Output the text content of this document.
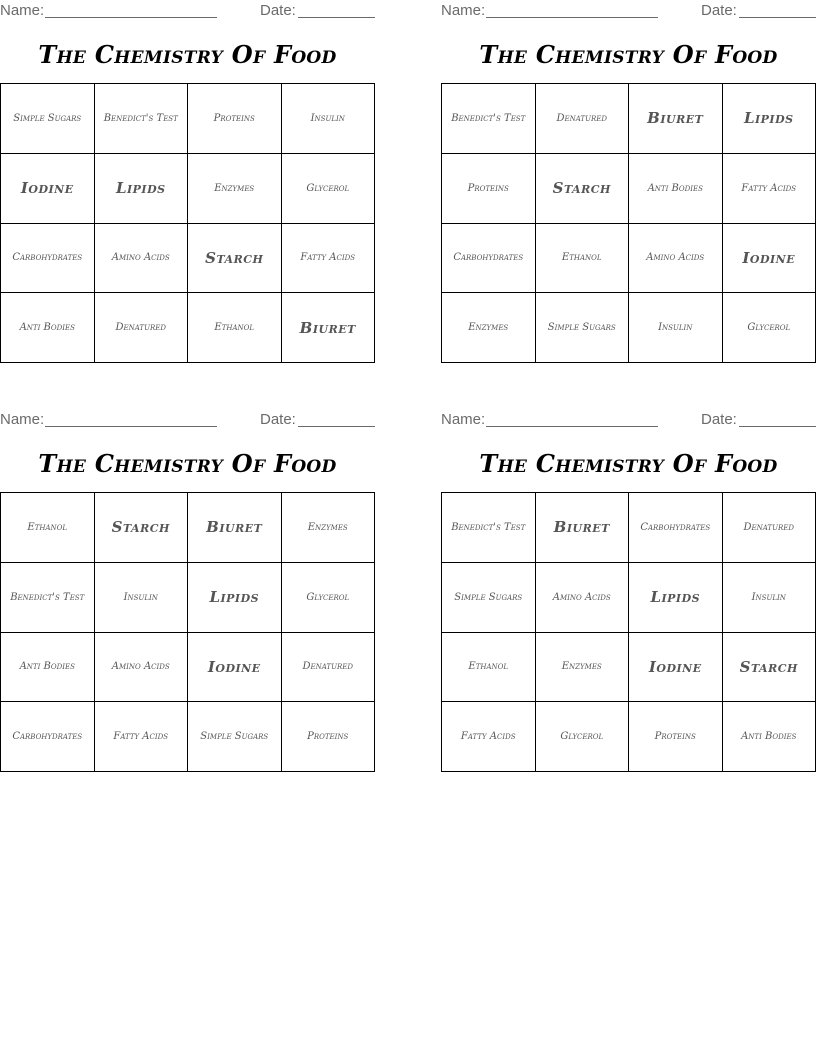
Name:	Date:
The Chemistry Of Food
Simple Sugars	Benedict's Test	Proteins	Insulin
Iodine	Lipids	Enzymes	Glycerol
Carbohydrates	Amino Acids	Starch	Fatty Acids
Anti Bodies	Denatured	Ethanol	Biuret
Name:	Date:
The Chemistry Of Food
Benedict's Test	Denatured	Biuret	Lipids
Proteins	Starch	Anti Bodies	Fatty Acids
Carbohydrates	Ethanol	Amino Acids	Iodine
Enzymes	Simple Sugars	Insulin	Glycerol
Name:	Date:
The Chemistry Of Food
Ethanol	Starch	Biuret	Enzymes
Benedict's Test	Insulin	Lipids	Glycerol
Anti Bodies	Amino Acids	Iodine	Denatured
Carbohydrates	Fatty Acids	Simple Sugars	Proteins
Name:	Date:
The Chemistry Of Food
Benedict's Test	Biuret	Carbohydrates	Denatured
Simple Sugars	Amino Acids	Lipids	Insulin
Ethanol	Enzymes	Iodine	Starch
Fatty Acids	Glycerol	Proteins	Anti Bodies
